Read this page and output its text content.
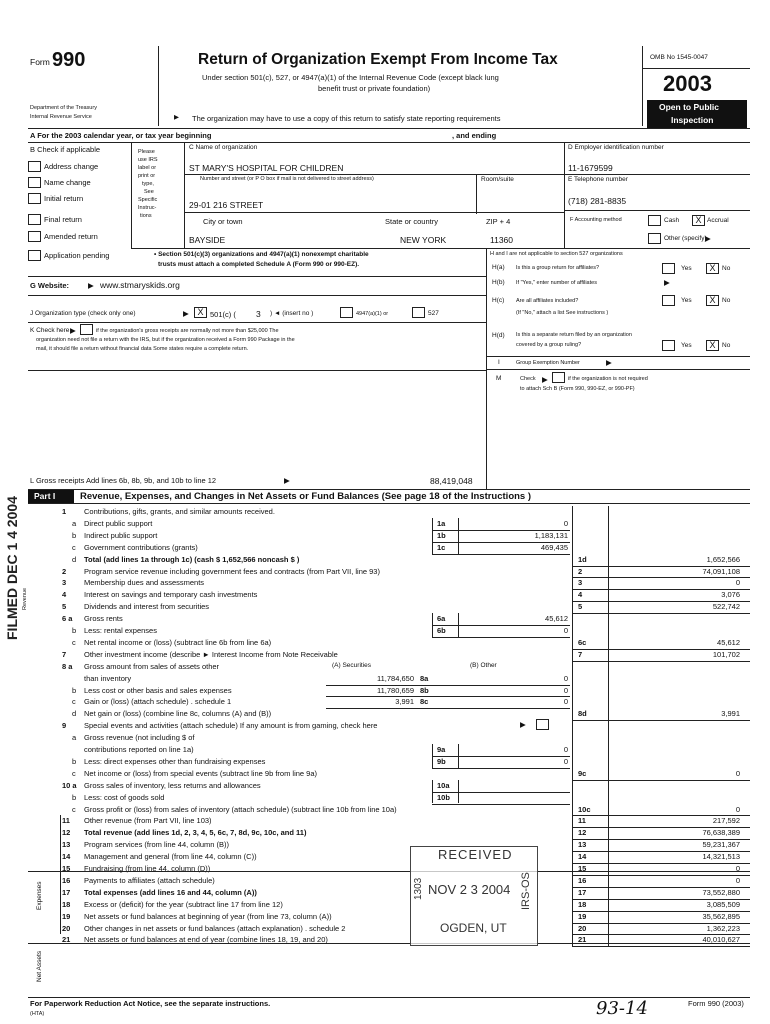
Form 990	Return of Organization Exempt From Income Tax
Under section 501(c), 527, or 4947(a)(1) of the Internal Revenue Code (except black lung
benefit trust or private foundation)
Department of the Treasury
Internal Revenue Service	▶ The organization may have to use a copy of this return to satisfy state reporting requirements
OMB No 1545-0047
2003
Open to Public
Inspection
A For the 2003 calendar year, or tax year beginning	, and ending
B Check if applicable
Address change
Name change
Initial return
Final return
Amended return
Application pending
Please
use IRS
label or
print or
type,
See
Specific
Instruc-
tions
C Name of organization
ST MARY'S HOSPITAL FOR CHILDREN
Number and street (or P O box if mail is not delivered to street address)	Room/suite
29-01 216 STREET
City or town	State or country	ZIP + 4
BAYSIDE	NEW YORK	11360
D Employer identification number
11-1679599
E Telephone number
(718) 281-8835
F Accounting method	Cash	X Accrual
Other (specify)
▶
• Section 501(c)(3) organizations and 4947(a)(1) nonexempt charitable
trusts must attach a completed Schedule A (Form 990 or 990-EZ).
H and I are not applicable to section 527 organizations
H(a) Is this a group return for affiliates?	Yes	X	No
H(b) If "Yes," enter number of affiliates	▶
H(c) Are all affiliates included?	Yes	X	No
(If "No," attach a list See instructions )
H(d) Is this a separate return filed by an organization
covered by a group ruling?	Yes	X	No
I	Group Exemption Number	▶
M	Check ▶	if the organization is not required
to attach Sch B (Form 990, 990-EZ, or 990-PF)
G Website:	▶ www.stmaryskids.org
J Organization type (check only one)	▶ X 501(c) ( 3 ) ◄ (insert no )	4947(a)(1) or	527
K Check here ▶	if the organization's gross receipts are normally not more than $25,000 The
organization need not file a return with the IRS, but if the organization received a Form 990 Package in the
mail, it should file a return without financial data Some states require a complete return.
L Gross receipts Add lines 6b, 8b, 9b, and 10b to line 12	▶	88,419,048
Part I	Revenue, Expenses, and Changes in Net Assets or Fund Balances (See page 18 of the Instructions )
1 Contributions, gifts, grants, and similar amounts received.
a Direct public support	1a	0
b Indirect public support	1b	1,183,131
c Government contributions (grants)	1c	469,435
d Total (add lines 1a through 1c) (cash $ 1,652,566 noncash $ )	1d	1,652,566
2 Program service revenue including government fees and contracts (from Part VII, line 93)	2	74,091,108
3 Membership dues and assessments	3	0
4 Interest on savings and temporary cash investments	4	3,076
5 Dividends and interest from securities	5	522,742
6 a Gross rents	6a	45,612
b Less: rental expenses	6b	0
c Net rental income or (loss) (subtract line 6b from line 6a)	6c	45,612
7 Other investment income (describe ► Interest Income from Note Receivable	7	101,702
8 a Gross amount from sales of assets other	(A) Securities	(B) Other
than inventory	11,784,650 8a	0
b Less cost or other basis and sales expenses	11,780,659 8b	0
c Gain or (loss) (attach schedule) . schedule 1	3,991 8c	0
d Net gain or (loss) (combine line 8c, columns (A) and (B))	8d	3,991
9 Special events and activities (attach schedule) If any amount is from gaming, check here
a Gross revenue (not including $ of
contributions reported on line 1a)	9a	0
b Less: direct expenses other than fundraising expenses	9b	0
c Net income or (loss) from special events (subtract line 9b from line 9a)	9c	0
10 a Gross sales of inventory, less returns and allowances	10a
b Less: cost of goods sold	10b
c Gross profit or (loss) from sales of inventory (attach schedule) (subtract line 10b from line 10a)	10c	0
11 Other revenue (from Part VII, line 103)	11	217,592
12 Total revenue (add lines 1d, 2, 3, 4, 5, 6c, 7, 8d, 9c, 10c, and 11)	12	76,638,389
13 Program services (from line 44, column (B))	13	59,231,367
14 Management and general (from line 44, column (C))	14	14,321,513
15 Fundraising (from line 44, column (D))	15	0
16 Payments to affiliates (attach schedule)	16	0
17 Total expenses (add lines 16 and 44, column (A))	17	73,552,880
18 Excess or (deficit) for the year (subtract line 17 from line 12)	18	3,085,509
19 Net assets or fund balances at beginning of year (from line 73, column (A))	19	35,562,895
20 Other changes in net assets or fund balances (attach explanation) . schedule 2	20	1,362,223
21 Net assets or fund balances at end of year (combine lines 18, 19, and 20)	21	40,010,627
▶
Revenue
Expenses
Net Assets
FILMED DEC 1 4 2004
RECEIVED
NOV 2 3 2004
OGDEN, UT
1303	IRS-OS
For Paperwork Reduction Act Notice, see the separate instructions.	Form 990 (2003)
(HTA)	93-14
